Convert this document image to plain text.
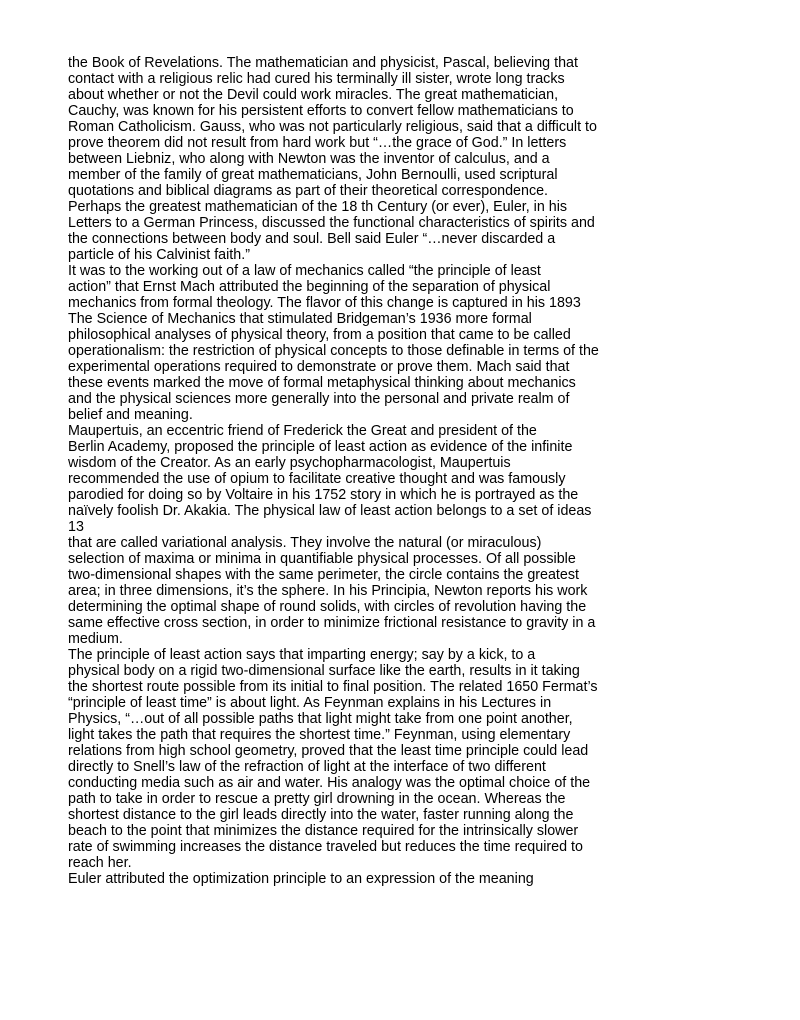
the Book of Revelations. The mathematician and physicist, Pascal, believing that
contact with a religious relic had cured his terminally ill sister, wrote long tracks
about whether or not the Devil could work miracles. The great mathematician,
Cauchy, was known for his persistent efforts to convert fellow mathematicians to
Roman Catholicism. Gauss, who was not particularly religious, said that a difficult to
prove theorem did not result from hard work but “…the grace of God.” In letters
between Liebniz, who along with Newton was the inventor of calculus, and a
member of the family of great mathematicians, John Bernoulli, used scriptural
quotations and biblical diagrams as part of their theoretical correspondence.
Perhaps the greatest mathematician of the 18 th Century (or ever), Euler, in his
Letters to a German Princess, discussed the functional characteristics of spirits and
the connections between body and soul. Bell said Euler “…never discarded a
particle of his Calvinist faith.”
It was to the working out of a law of mechanics called “the principle of least
action” that Ernst Mach attributed the beginning of the separation of physical
mechanics from formal theology. The flavor of this change is captured in his 1893
The Science of Mechanics that stimulated Bridgeman’s 1936 more formal
philosophical analyses of physical theory, from a position that came to be called
operationalism: the restriction of physical concepts to those definable in terms of the
experimental operations required to demonstrate or prove them. Mach said that
these events marked the move of formal metaphysical thinking about mechanics
and the physical sciences more generally into the personal and private realm of
belief and meaning.
Maupertuis, an eccentric friend of Frederick the Great and president of the
Berlin Academy, proposed the principle of least action as evidence of the infinite
wisdom of the Creator. As an early psychopharmacologist, Maupertuis
recommended the use of opium to facilitate creative thought and was famously
parodied for doing so by Voltaire in his 1752 story in which he is portrayed as the
naïvely foolish Dr. Akakia. The physical law of least action belongs to a set of ideas
13
that are called variational analysis. They involve the natural (or miraculous)
selection of maxima or minima in quantifiable physical processes. Of all possible
two-dimensional shapes with the same perimeter, the circle contains the greatest
area; in three dimensions, it’s the sphere. In his Principia, Newton reports his work
determining the optimal shape of round solids, with circles of revolution having the
same effective cross section, in order to minimize frictional resistance to gravity in a
medium.
The principle of least action says that imparting energy; say by a kick, to a
physical body on a rigid two-dimensional surface like the earth, results in it taking
the shortest route possible from its initial to final position. The related 1650 Fermat’s
“principle of least time” is about light. As Feynman explains in his Lectures in
Physics, “…out of all possible paths that light might take from one point another,
light takes the path that requires the shortest time.” Feynman, using elementary
relations from high school geometry, proved that the least time principle could lead
directly to Snell’s law of the refraction of light at the interface of two different
conducting media such as air and water. His analogy was the optimal choice of the
path to take in order to rescue a pretty girl drowning in the ocean. Whereas the
shortest distance to the girl leads directly into the water, faster running along the
beach to the point that minimizes the distance required for the intrinsically slower
rate of swimming increases the distance traveled but reduces the time required to
reach her.
Euler attributed the optimization principle to an expression of the meaning
